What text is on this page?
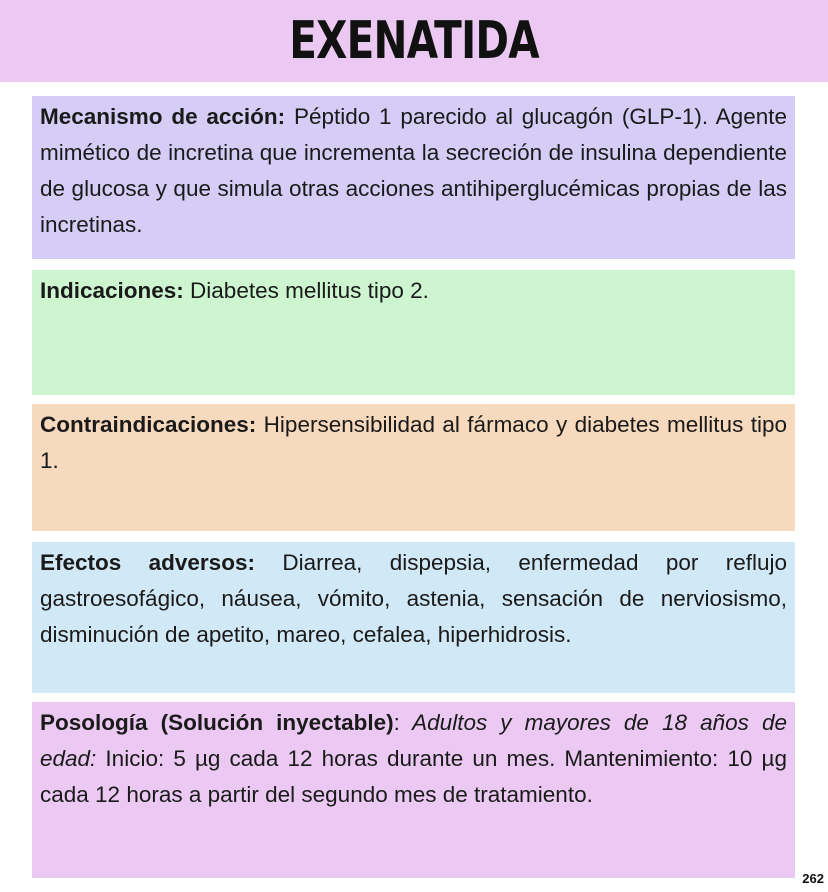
EXENATIDA
Mecanismo de acción: Péptido 1 parecido al glucagón (GLP-1). Agente mimético de incretina que incrementa la secreción de insulina dependiente de glucosa y que simula otras acciones antihiperglucémicas propias de las incretinas.
Indicaciones: Diabetes mellitus tipo 2.
Contraindicaciones: Hipersensibilidad al fármaco y diabetes mellitus tipo 1.
Efectos adversos: Diarrea, dispepsia, enfermedad por reflujo gastroesofágico, náusea, vómito, astenia, sensación de nerviosismo, disminución de apetito, mareo, cefalea, hiperhidrosis.
Posología (Solución inyectable): Adultos y mayores de 18 años de edad: Inicio: 5 µg cada 12 horas durante un mes. Mantenimiento: 10 µg cada 12 horas a partir del segundo mes de tratamiento.
262
